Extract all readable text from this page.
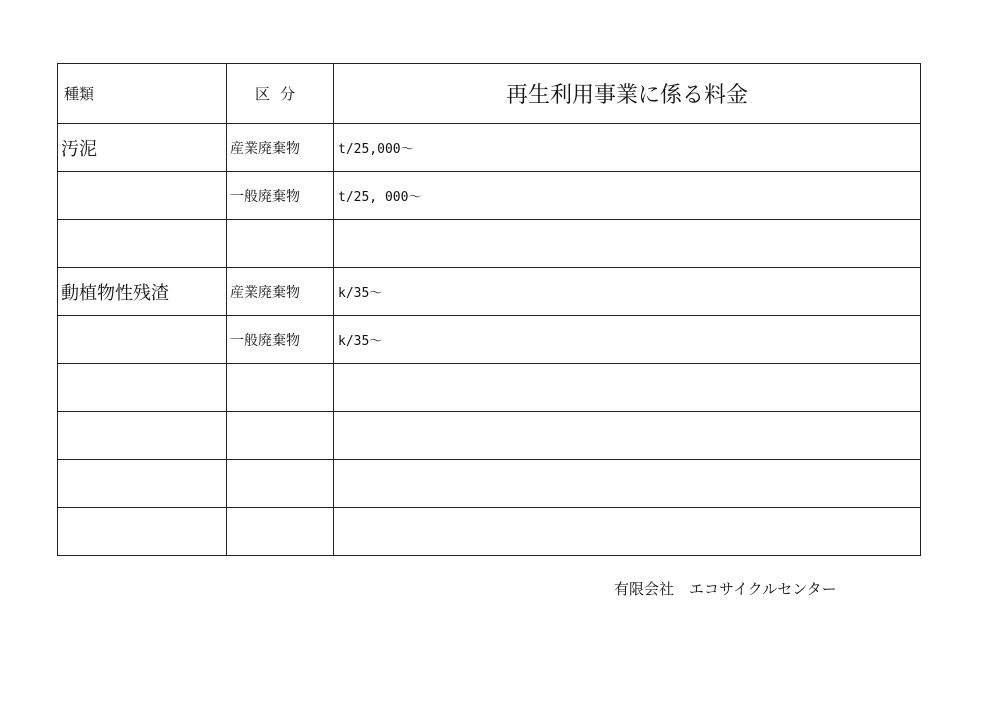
種類	区分	再生利用事業に係る料金
汚泥	産業廃棄物	t/25,000～
	一般廃棄物	t/25, 000～

動植物性残渣	産業廃棄物	k/35～
	一般廃棄物	k/35～

有限会社　エコサイクルセンター
